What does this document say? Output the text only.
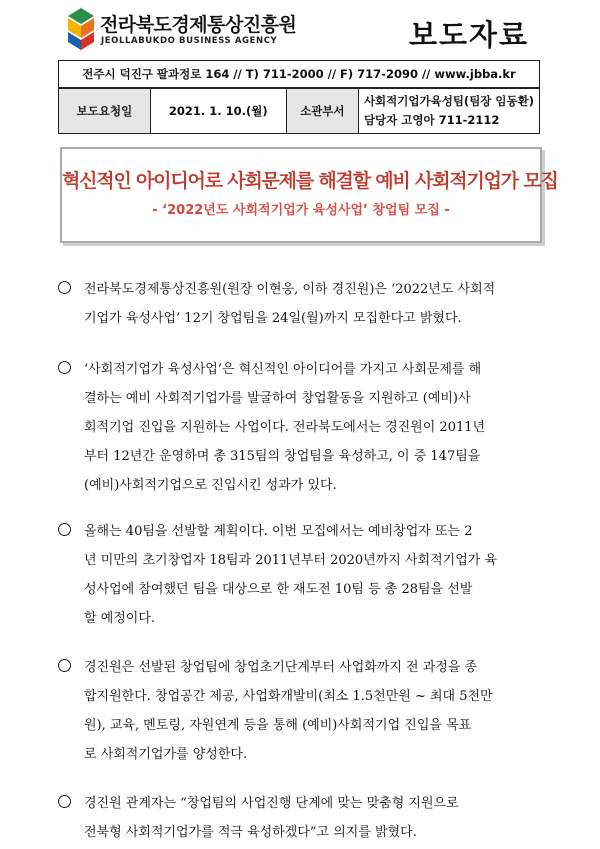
전라북도경제통상진흥원
JEOLLABUKDO BUSINESS AGENCY	보도자료
전주시 덕진구 팔과정로 164 // T) 711-2000 // F) 717-2090 // www.jbba.kr
보도요청일	2021. 1. 10.(월)	소관부서	
사회적기업가육성팀(팀장 임동환)
담당자 고영아 711-2112
혁신적인 아이디어로 사회문제를 해결할 예비 사회적기업가 모집
- ‘2022년도 사회적기업가 육성사업’ 창업팀 모집 -
전라북도경제통상진흥원(원장 이현웅, 이하 경진원)은 ‘2022년도 사회적
기업가 육성사업’ 12기 창업팀을 24일(월)까지 모집한다고 밝혔다.
‘사회적기업가 육성사업’은 혁신적인 아이디어를 가지고 사회문제를 해
결하는 예비 사회적기업가를 발굴하여 창업활동을 지원하고 (예비)사
회적기업 진입을 지원하는 사업이다. 전라북도에서는 경진원이 2011년
부터 12년간 운영하며 총 315팀의 창업팀을 육성하고, 이 중 147팀을
(예비)사회적기업으로 진입시킨 성과가 있다.
올해는 40팀을 선발할 계획이다. 이번 모집에서는 예비창업자 또는 2
년 미만의 초기창업자 18팀과 2011년부터 2020년까지 사회적기업가 육
성사업에 참여했던 팀을 대상으로 한 재도전 10팀 등 총 28팀을 선발
할 예정이다.
경진원은 선발된 창업팀에 창업초기단계부터 사업화까지 전 과정을 종
합지원한다. 창업공간 제공, 사업화개발비(최소 1.5천만원 ~ 최대 5천만
원), 교육, 멘토링, 자원연계 등을 통해 (예비)사회적기업 진입을 목표
로 사회적기업가를 양성한다.
경진원 관계자는 “창업팀의 사업진행 단계에 맞는 맞춤형 지원으로
전북형 사회적기업가를 적극 육성하겠다”고 의지를 밝혔다.
